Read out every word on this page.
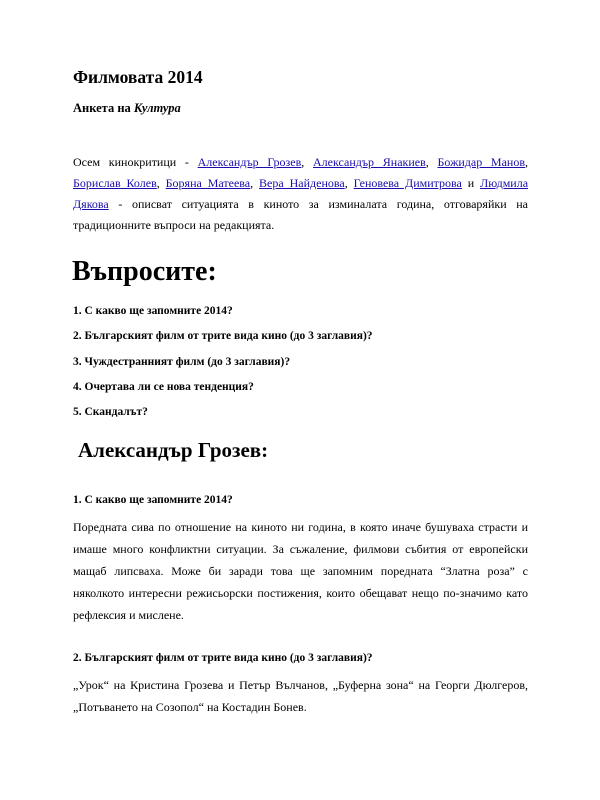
Филмовата 2014

Анкета на Култура

Осем кинокритици - Александър Грозев, Александър Янакиев, Божидар Манов, Борислав Колев, Боряна Матеева, Вера Найденова, Геновева Димитрова и Людмила Дякова - описват ситуацията в киното за изминалата година, отговаряйки на традиционните въпроси на редакцията.

Въпросите:
1. С какво ще запомните 2014?
2. Българският филм от трите вида кино (до 3 заглавия)?
3. Чуждестранният филм (до 3 заглавия)?
4. Очертава ли се нова тенденция?
5. Скандалът?
Александър Грозев:

1. С какво ще запомните 2014?

Поредната сива по отношение на киното ни година, в която иначе бушуваха страсти и имаше много конфликтни ситуации. За съжаление, филмови събития от европейски мащаб липсваха. Може би заради това ще запомним поредната “Златна роза” с няколкото интересни режисьорски постижения, които обещават нещо по-значимо като рефлексия и мислене.

2. Българският филм от трите вида кино (до 3 заглавия)?

„Урок“ на Кристина Грозева и Петър Вълчанов, „Буферна зона“ на Георги Дюлгеров, „Потъването на Созопол“ на Костадин Бонев.
